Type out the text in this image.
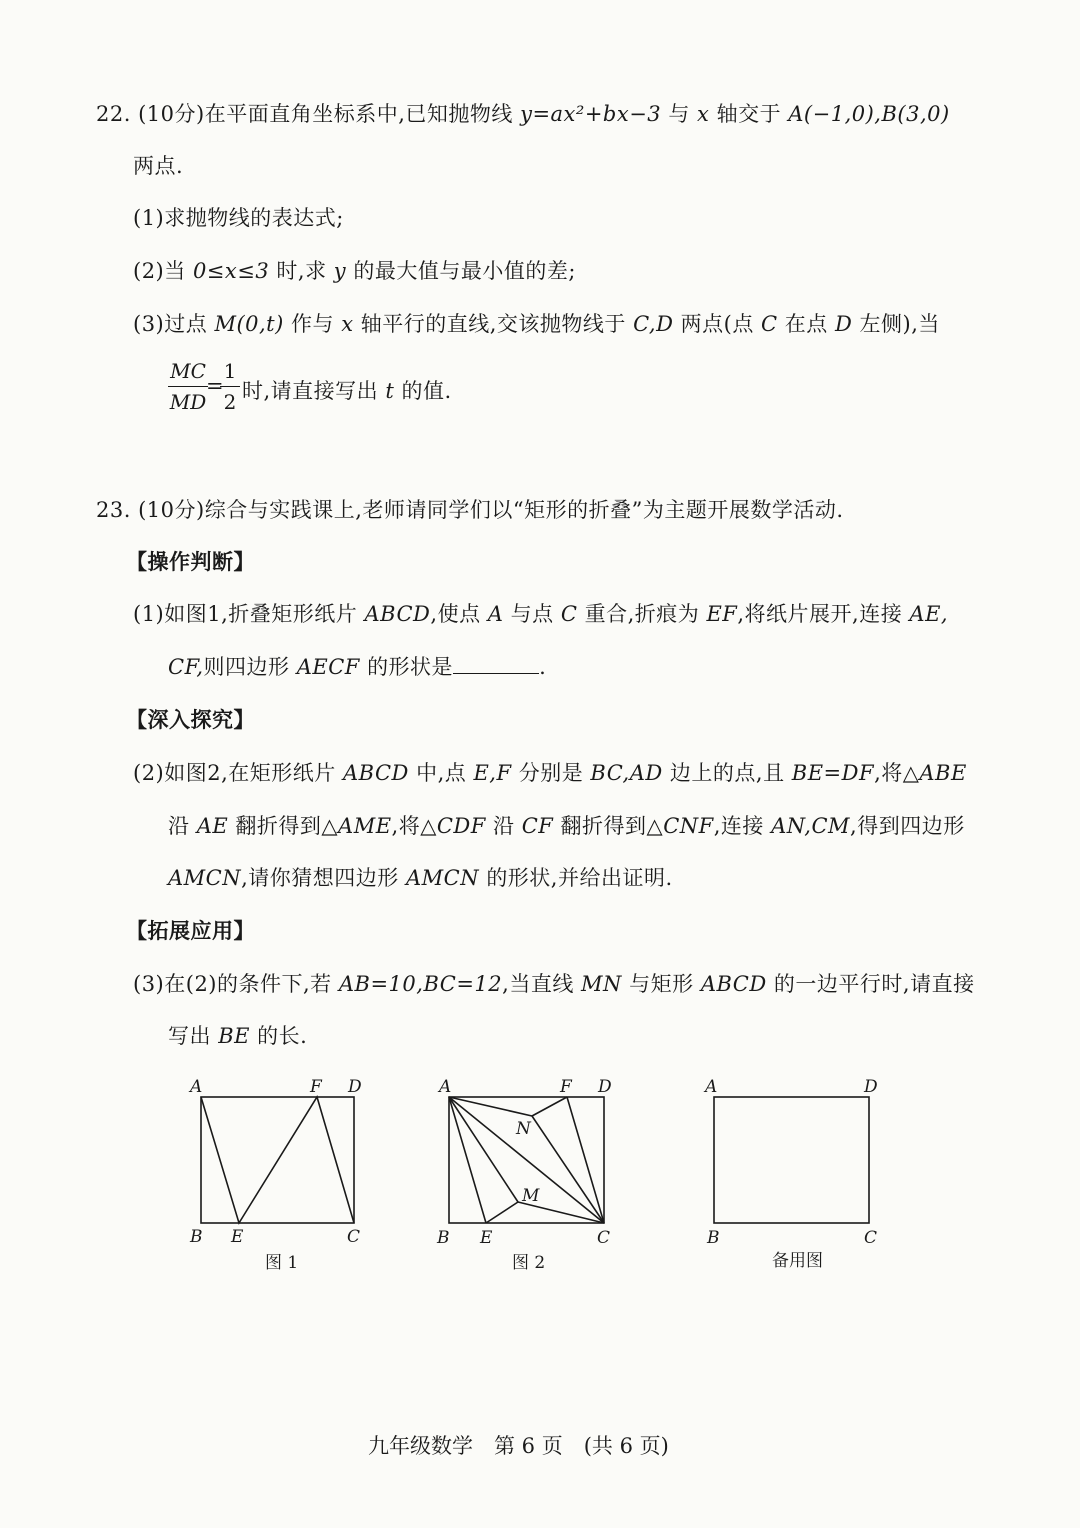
22. (10分)在平面直角坐标系中,已知抛物线 y=ax²+bx−3 与 x 轴交于 A(−1,0),B(3,0)
两点.
(1)求抛物线的表达式;
(2)当 0≤x≤3 时,求 y 的最大值与最小值的差;
(3)过点 M(0,t) 作与 x 轴平行的直线,交该抛物线于 C,D 两点(点 C 在点 D 左侧),当
MC
MD
=
1
2 时,请直接写出 t 的值.
23. (10分)综合与实践课上,老师请同学们以“矩形的折叠”为主题开展数学活动.
【操作判断】
(1)如图1,折叠矩形纸片 ABCD,使点 A 与点 C 重合,折痕为 EF,将纸片展开,连接 AE,
CF,则四边形 AECF 的形状是	.
【深入探究】
(2)如图2,在矩形纸片 ABCD 中,点 E,F 分别是 BC,AD 边上的点,且 BE=DF,将△ABE
沿 AE 翻折得到△AME,将△CDF 沿 CF 翻折得到△CNF,连接 AN,CM,得到四边形
AMCN,请你猜想四边形 AMCN 的形状,并给出证明.
【拓展应用】
(3)在(2)的条件下,若 AB=10,BC=12,当直线 MN 与矩形 ABCD 的一边平行时,请直接
写出 BE 的长.
A	F D
B E	C
图 1
A	F D
N
M
B E	C
图 2
A	D
B	C
备用图
九年级数学　第 6 页　(共 6 页)
